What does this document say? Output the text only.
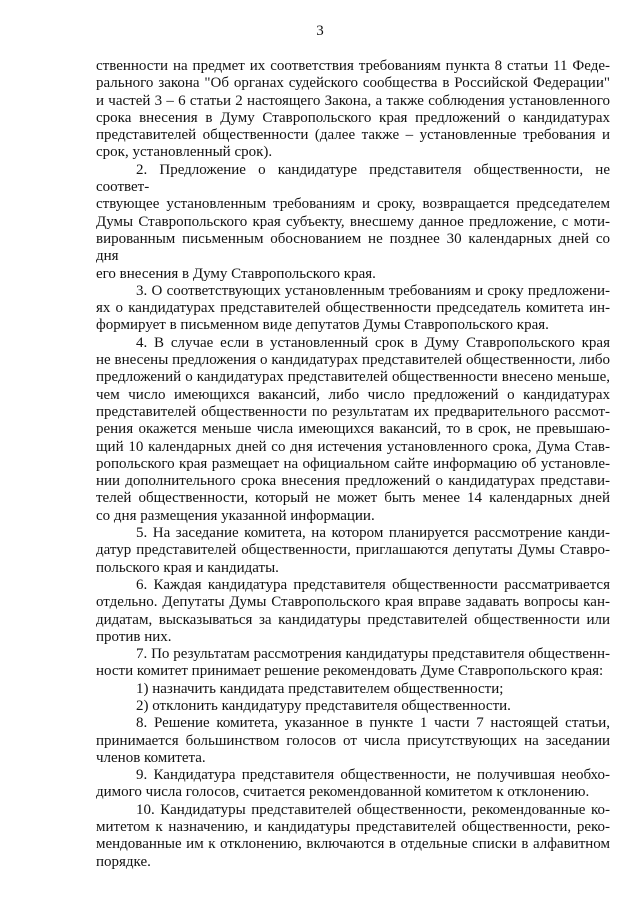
3
ственности на предмет их соответствия требованиям пункта 8 статьи 11 Феде-
рального закона "Об органах судейского сообщества в Российской Федерации"
и частей 3 – 6 статьи 2 настоящего Закона, а также соблюдения установленного
срока внесения в Думу Ставропольского края предложений о кандидатурах
представителей общественности (далее также – установленные требования и
срок, установленный срок).
2. Предложение о кандидатуре представителя общественности, не соответ-
ствующее установленным требованиям и сроку, возвращается председателем
Думы Ставропольского края субъекту, внесшему данное предложение, с моти-
вированным письменным обоснованием не позднее 30 календарных дней со дня
его внесения в Думу Ставропольского края.
3. О соответствующих установленным требованиям и сроку предложени-
ях о кандидатурах представителей общественности председатель комитета ин-
формирует в письменном виде депутатов Думы Ставропольского края.
4. В случае если в установленный срок в Думу Ставропольского края
не внесены предложения о кандидатурах представителей общественности, либо
предложений о кандидатурах представителей общественности внесено меньше,
чем число имеющихся вакансий, либо число предложений о кандидатурах
представителей общественности по результатам их предварительного рассмот-
рения окажется меньше числа имеющихся вакансий, то в срок, не превышаю-
щий 10 календарных дней со дня истечения установленного срока, Дума Став-
ропольского края размещает на официальном сайте информацию об установле-
нии дополнительного срока внесения предложений о кандидатурах представи-
телей общественности, который не может быть менее 14 календарных дней
со дня размещения указанной информации.
5. На заседание комитета, на котором планируется рассмотрение канди-
датур представителей общественности, приглашаются депутаты Думы Ставро-
польского края и кандидаты.
6. Каждая кандидатура представителя общественности рассматривается
отдельно. Депутаты Думы Ставропольского края вправе задавать вопросы кан-
дидатам, высказываться за кандидатуры представителей общественности или
против них.
7. По результатам рассмотрения кандидатуры представителя общественн-
ности комитет принимает решение рекомендовать Думе Ставропольского края:
1) назначить кандидата представителем общественности;
2) отклонить кандидатуру представителя общественности.
8. Решение комитета, указанное в пункте 1 части 7 настоящей статьи,
принимается большинством голосов от числа присутствующих на заседании
членов комитета.
9. Кандидатура представителя общественности, не получившая необхо-
димого числа голосов, считается рекомендованной комитетом к отклонению.
10. Кандидатуры представителей общественности, рекомендованные ко-
митетом к назначению, и кандидатуры представителей общественности, реко-
мендованные им к отклонению, включаются в отдельные списки в алфавитном
порядке.
